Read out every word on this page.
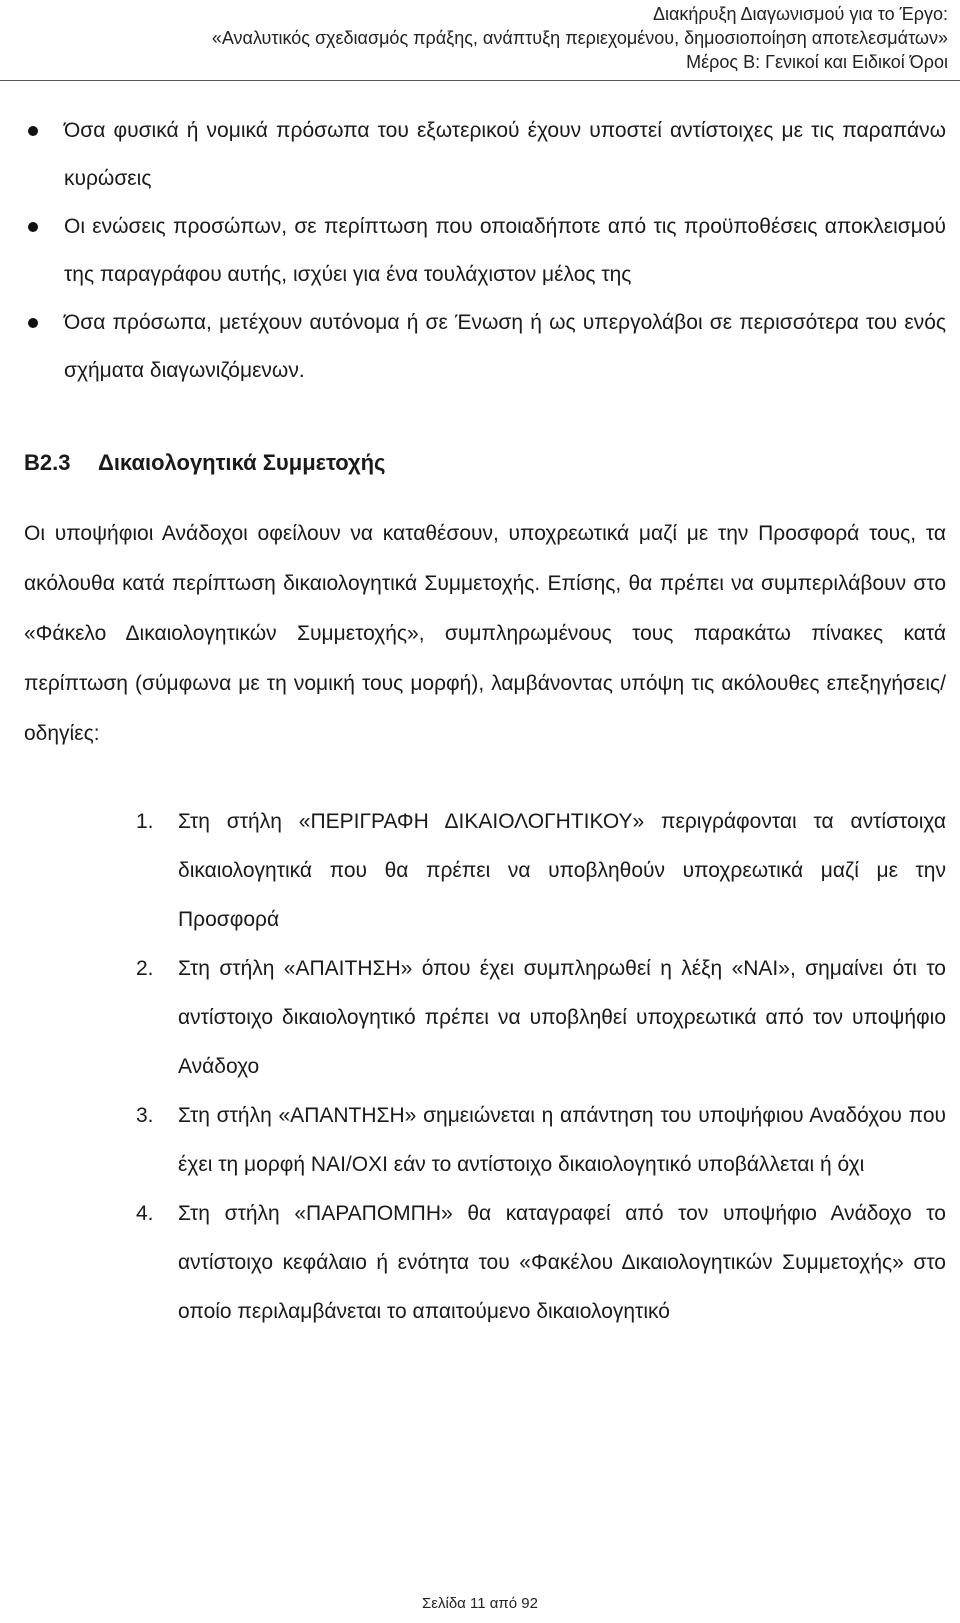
Διακήρυξη Διαγωνισμού για το Έργο:
«Αναλυτικός σχεδιασμός πράξης, ανάπτυξη περιεχομένου, δημοσιοποίηση αποτελεσμάτων»
Μέρος Β: Γενικοί και Ειδικοί Όροι
Όσα φυσικά ή νομικά πρόσωπα του εξωτερικού έχουν υποστεί αντίστοιχες με τις παραπάνω κυρώσεις
Οι ενώσεις προσώπων, σε περίπτωση που οποιαδήποτε από τις προϋποθέσεις αποκλεισμού της παραγράφου αυτής, ισχύει για ένα τουλάχιστον μέλος της
Όσα πρόσωπα, μετέχουν αυτόνομα ή σε Ένωση ή ως υπεργολάβοι σε περισσότερα του ενός σχήματα διαγωνιζόμενων.
Β2.3 Δικαιολογητικά Συμμετοχής

Οι υποψήφιοι Ανάδοχοι οφείλουν να καταθέσουν, υποχρεωτικά μαζί με την Προσφορά τους, τα ακόλουθα κατά περίπτωση δικαιολογητικά Συμμετοχής. Επίσης, θα πρέπει να συμπεριλάβουν στο «Φάκελο Δικαιολογητικών Συμμετοχής», συμπληρωμένους τους παρακάτω πίνακες κατά περίπτωση (σύμφωνα με τη νομική τους μορφή), λαμβάνοντας υπόψη τις ακόλουθες επεξηγήσεις/οδηγίες:

1. Στη στήλη «ΠΕΡΙΓΡΑΦΗ ΔΙΚΑΙΟΛΟΓΗΤΙΚΟΥ» περιγράφονται τα αντίστοιχα δικαιολογητικά που θα πρέπει να υποβληθούν υποχρεωτικά μαζί με την Προσφορά
2. Στη στήλη «ΑΠΑΙΤΗΣΗ» όπου έχει συμπληρωθεί η λέξη «ΝΑΙ», σημαίνει ότι το αντίστοιχο δικαιολογητικό πρέπει να υποβληθεί υποχρεωτικά από τον υποψήφιο Ανάδοχο
3. Στη στήλη «ΑΠΑΝΤΗΣΗ» σημειώνεται η απάντηση του υποψήφιου Αναδόχου που έχει τη μορφή ΝΑΙ/ΟΧΙ εάν το αντίστοιχο δικαιολογητικό υποβάλλεται ή όχι
4. Στη στήλη «ΠΑΡΑΠΟΜΠΗ» θα καταγραφεί από τον υποψήφιο Ανάδοχο το αντίστοιχο κεφάλαιο ή ενότητα του «Φακέλου Δικαιολογητικών Συμμετοχής» στο οποίο περιλαμβάνεται το απαιτούμενο δικαιολογητικό
Σελίδα 11 από 92
